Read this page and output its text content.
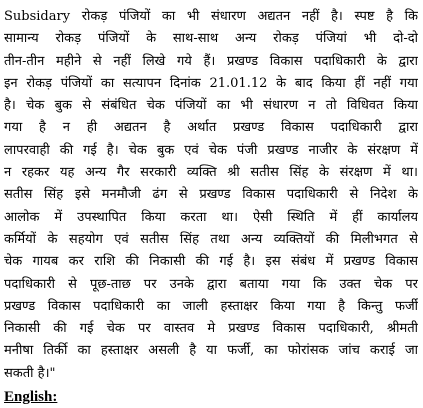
Subsidary रोकड़ पंजियों का भी संधारण अद्यतन नहीं है। स्पष्ट है कि
सामान्य रोकड़ पंजियों के साथ-साथ अन्य रोकड़ पंजियां भी दो-दो
तीन-तीन महीने से नहीं लिखे गये हैं। प्रखण्ड विकास पदाधिकारी के द्वारा
इन रोकड़ पंजियों का सत्यापन दिनांक 21.01.12 के बाद किया हीं नहीं गया
है। चेक बुक से संबंधित चेक पंजियों का भी संधारण न तो विधिवत किया
गया है न ही अद्यतन है अर्थात प्रखण्ड विकास पदाधिकारी द्वारा
लापरवाही की गई है। चेक बुक एवं चेक पंजी प्रखण्ड नाजीर के संरक्षण में
न रहकर यह अन्य गैर सरकारी व्यक्ति श्री सतीस सिंह के संरक्षण में था।
सतीस सिंह इसे मनमौजी ढंग से प्रखण्ड विकास पदाधिकारी से निदेश के
आलोक में उपस्थापित किया करता था। ऐसी स्थिति में हीं कार्यालय
कर्मियों के सहयोग एवं सतीस सिंह तथा अन्य व्यक्तियों की मिलीभगत से
चेक गायब कर राशि की निकासी की गई है। इस संबंध में प्रखण्ड विकास
पदाधिकारी से पूछ-ताछ पर उनके द्वारा बताया गया कि उक्त चेक पर
प्रखण्ड विकास पदाधिकारी का जाली हस्ताक्षर किया गया है किन्तु फर्जी
निकासी की गई चेक पर वास्तव मे प्रखण्ड विकास पदाधिकारी, श्रीमती
मनीषा तिर्की का हस्ताक्षर असली है या फर्जी, का फोरांसक जांच कराई जा
सकती है।"

English:
